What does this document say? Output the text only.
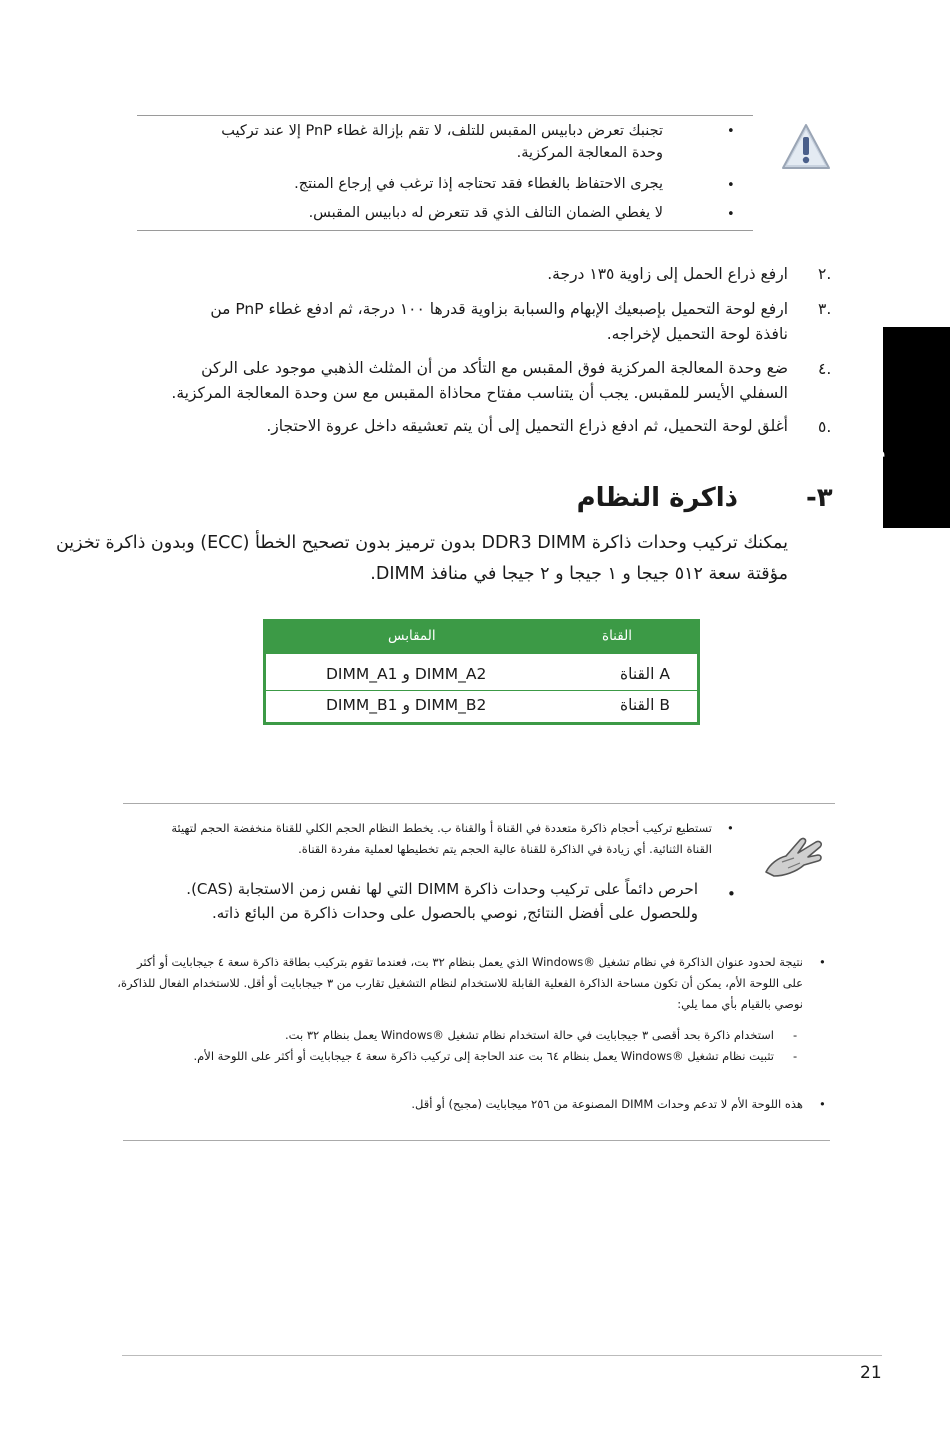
•
تجنبك تعرض دبابيس المقبس للتلف، لا تقم بإزالة غطاء PnP إلا عند تركيب
وحدة المعالجة المركزية.
•
يجرى الاحتفاظ بالغطاء فقد تحتاجه إذا ترغب في إرجاع المنتج.
•
لا يغطي الضمان التالف الذي قد تتعرض له دبابيس المقبس.
٢.
ارفع ذراع الحمل إلى زاوية ١٣٥ درجة.
٣.
ارفع لوحة التحميل بإصبعيك الإبهام والسبابة بزاوية قدرها ١٠٠ درجة، ثم ادفع غطاء PnP من
نافذة لوحة التحميل لإخراجه.
٤.
ضع وحدة المعالجة المركزية فوق المقبس مع التأكد من أن المثلث الذهبي موجود على الركن
السفلي الأيسر للمقبس. يجب أن يتناسب مفتاح محاذاة المقبس مع سن وحدة المعالجة المركزية.
٥.
أغلق لوحة التحميل، ثم ادفع ذراع التحميل إلى أن يتم تعشيقه داخل عروة الاحتجاز.	عربي
-٣
ذاكرة النظام
يمكنك تركيب وحدات ذاكرة DDR3 DIMM بدون ترميز بدون تصحيح الخطأ (ECC) وبدون ذاكرة تخزين
مؤقتة سعة ٥١٢ جيجا و ١ جيجا و ٢ جيجا في منافذ DIMM.
القناة
المقابس
القناة A
DIMM_A1 و DIMM_A2
القناة B
DIMM_B1 و DIMM_B2
•
تستطيع تركيب أحجام ذاكرة متعددة في القناة أ والقناة ب. يخطط النظام الحجم الكلي للقناة منخفضة الحجم لتهيئة
القناة الثنائية. أي زيادة في الذاكرة للقناة عالية الحجم يتم تخطيطها لعملية مفردة القناة.
•
احرص دائماً على تركيب وحدات ذاكرة DIMM التي لها نفس زمن الاستجابة (CAS).
وللحصول على أفضل النتائج, نوصي بالحصول على وحدات ذاكرة من البائع ذاته.
•
نتيجة لحدود عنوان الذاكرة في نظام تشغيل ®Windows الذي يعمل بنظام ٣٢ بت، فعندما تقوم بتركيب بطاقة ذاكرة سعة ٤ جيجابايت أو أكثر
على اللوحة الأم، يمكن أن تكون مساحة الذاكرة الفعلية القابلة للاستخدام لنظام التشغيل تقارب من ٣ جيجابايت أو أقل. للاستخدام الفعال للذاكرة،
نوصي بالقيام بأي مما يلي:
-
استخدام ذاكرة بحد أقصى ٣ جيجابايت في حالة استخدام نظام تشغيل ®Windows يعمل بنظام ٣٢ بت.
-
تثبيت نظام تشغيل ®Windows يعمل بنظام ٦٤ بت عند الحاجة إلى تركيب ذاكرة سعة ٤ جيجابايت أو أكثر على اللوحة الأم.
•
هذه اللوحة الأم لا تدعم وحدات DIMM المصنوعة من ٢٥٦ ميجابايت (مجبح) أو أقل.
21
